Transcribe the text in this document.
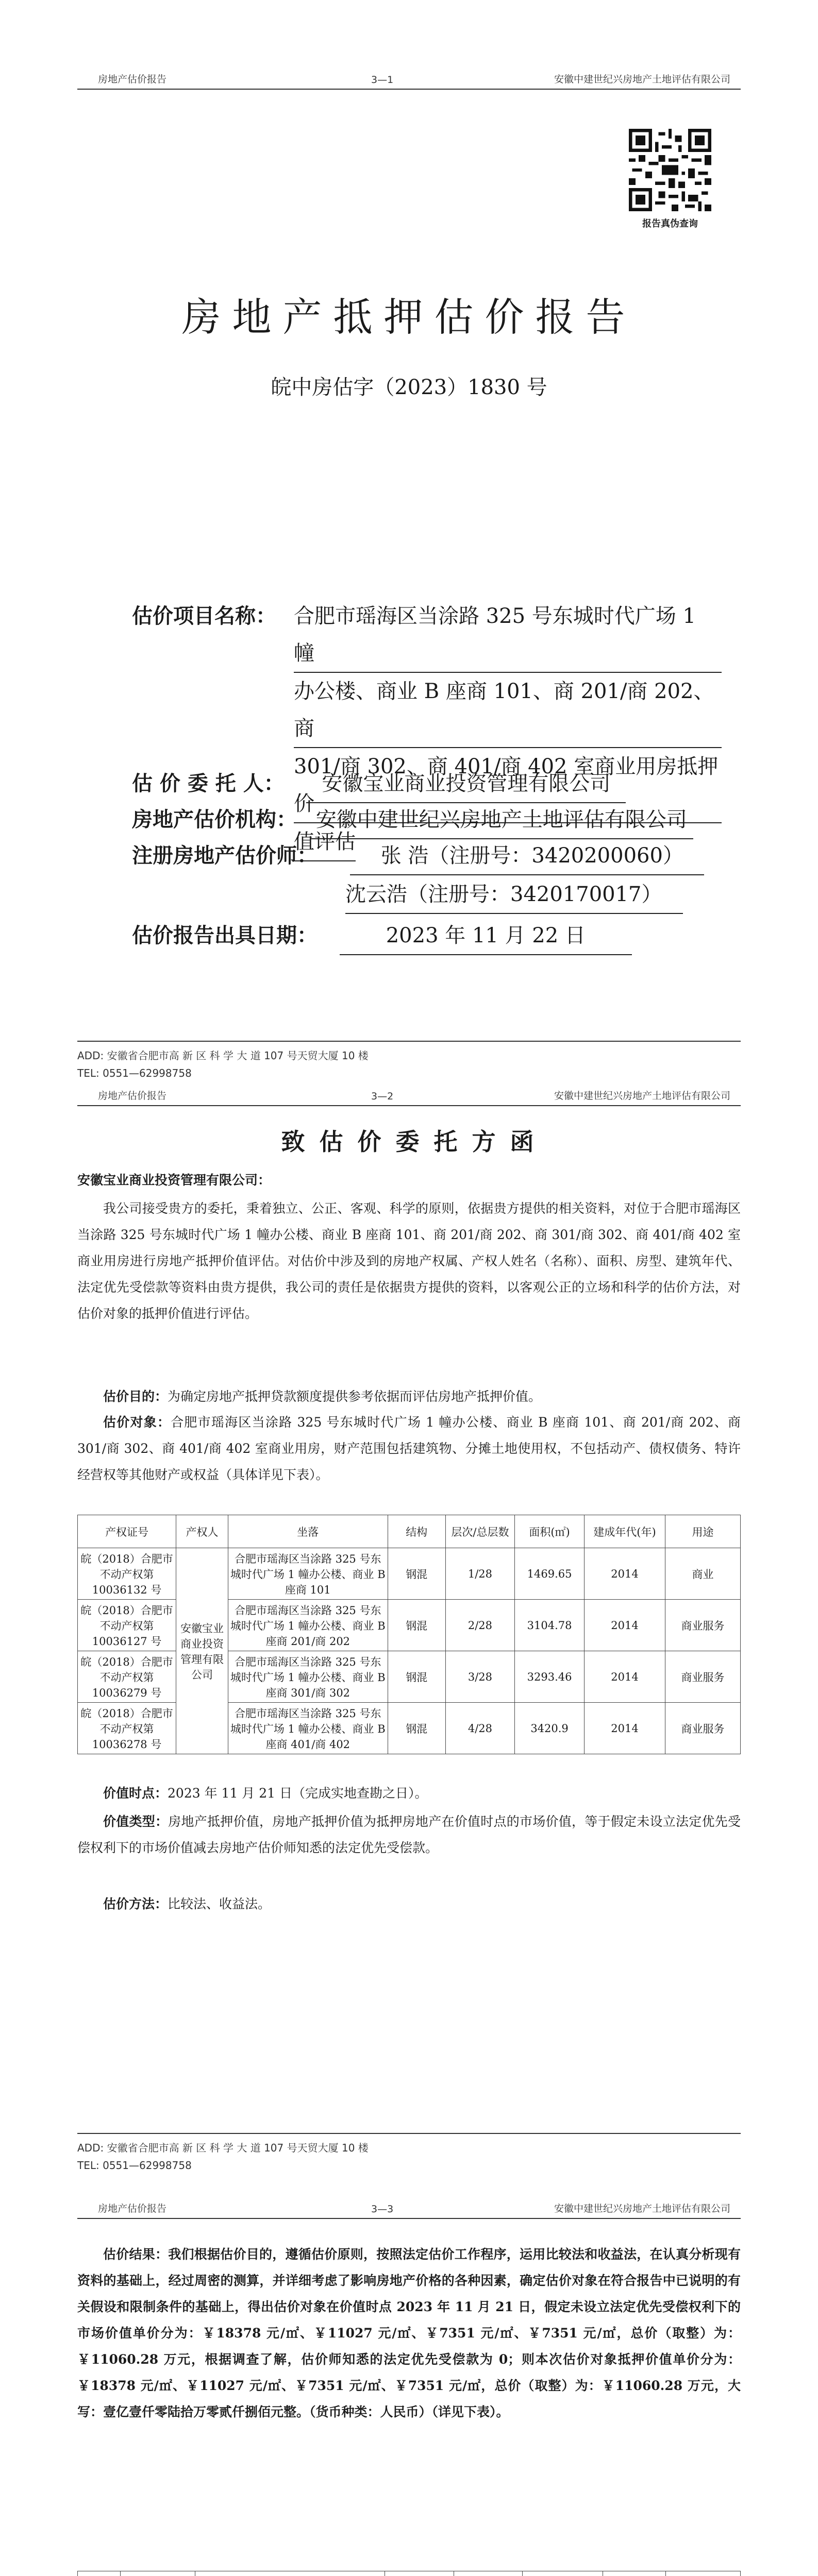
房地产估价报告	3—1	安徽中建世纪兴房地产土地评估有限公司
报告真伪查询
房地产抵押估价报告
皖中房估字（2023）1830 号
估价项目名称： 合肥市瑶海区当涂路 325 号东城时代广场 1 幢 办公楼、商业 B 座商 101、商 201/商 202、商 301/商 302、商 401/商 402 室商业用房抵押价 值评估
估 价 委 托 人： 安徽宝业商业投资管理有限公司
房地产估价机构： 安徽中建世纪兴房地产土地评估有限公司
注册房地产估价师：	张 浩（注册号：3420200060）
沈云浩（注册号：3420170017）
估价报告出具日期：	2023 年 11 月 22 日
ADD: 安徽省合肥市高 新 区 科 学 大 道 107 号天贸大厦 10 楼
TEL: 0551—62998758
房地产估价报告	3—2	安徽中建世纪兴房地产土地评估有限公司
致 估 价 委 托 方 函
安徽宝业商业投资管理有限公司：
我公司接受贵方的委托，秉着独立、公正、客观、科学的原则，依据贵方提供的相关资料，对位于合肥市瑶海区当涂路 325 号东城时代广场 1 幢办公楼、商业 B 座商 101、商 201/商 202、商 301/商 302、商 401/商 402 室商业用房进行房地产抵押价值评估。对估价中涉及到的房地产权属、产权人姓名（名称）、面积、房型、建筑年代、法定优先受偿款等资料由贵方提供，我公司的责任是依据贵方提供的资料，以客观公正的立场和科学的估价方法，对估价对象的抵押价值进行评估。
估价目的：为确定房地产抵押贷款额度提供参考依据而评估房地产抵押价值。
估价对象：合肥市瑶海区当涂路 325 号东城时代广场 1 幢办公楼、商业 B 座商 101、商 201/商 202、商 301/商 302、商 401/商 402 室商业用房，财产范围包括建筑物、分摊土地使用权，不包括动产、债权债务、特许经营权等其他财产或权益（具体详见下表）。
产权证号	产权人	坐落	结构	层次/总层数	面积(㎡)	建成年代(年)	用途
皖（2018）合肥市不动产权第10036132 号	安徽宝业商业投资管理有限公司	合肥市瑶海区当涂路 325 号东城时代广场 1 幢办公楼、商业 B 座商 101	钢混	1/28	1469.65	2014	商业
皖（2018）合肥市不动产权第10036127 号		合肥市瑶海区当涂路 325 号东城时代广场 1 幢办公楼、商业 B 座商 201/商 202	钢混	2/28	3104.78	2014	商业服务
皖（2018）合肥市不动产权第10036279 号		合肥市瑶海区当涂路 325 号东城时代广场 1 幢办公楼、商业 B 座商 301/商 302	钢混	3/28	3293.46	2014	商业服务
皖（2018）合肥市不动产权第10036278 号		合肥市瑶海区当涂路 325 号东城时代广场 1 幢办公楼、商业 B 座商 401/商 402	钢混	4/28	3420.9	2014	商业服务
价值时点：2023 年 11 月 21 日（完成实地查勘之日）。
价值类型：房地产抵押价值，房地产抵押价值为抵押房地产在价值时点的市场价值，等于假定未设立法定优先受偿权利下的市场价值减去房地产估价师知悉的法定优先受偿款。
估价方法：比较法、收益法。
ADD: 安徽省合肥市高 新 区 科 学 大 道 107 号天贸大厦 10 楼
TEL: 0551—62998758
房地产估价报告	3—3	安徽中建世纪兴房地产土地评估有限公司
估价结果：我们根据估价目的，遵循估价原则，按照法定估价工作程序，运用比较法和收益法，在认真分析现有资料的基础上，经过周密的测算，并详细考虑了影响房地产价格的各种因素，确定估价对象在符合报告中已说明的有关假设和限制条件的基础上，得出估价对象在价值时点 2023 年 11 月 21 日，假定未设立法定优先受偿权利下的市场价值单价分为：￥18378 元/㎡、￥11027 元/㎡、￥7351 元/㎡、￥7351 元/㎡，总价（取整）为：￥11060.28 万元，根据调查了解，估价师知悉的法定优先受偿款为 0；则本次估价对象抵押价值单价分为：￥18378 元/㎡、￥11027 元/㎡、￥7351 元/㎡、￥7351 元/㎡，总价（取整）为：￥11060.28 万元，大写：壹亿壹仟零陆拾万零贰仟捌佰元整。（货币种类：人民币）（详见下表）。
